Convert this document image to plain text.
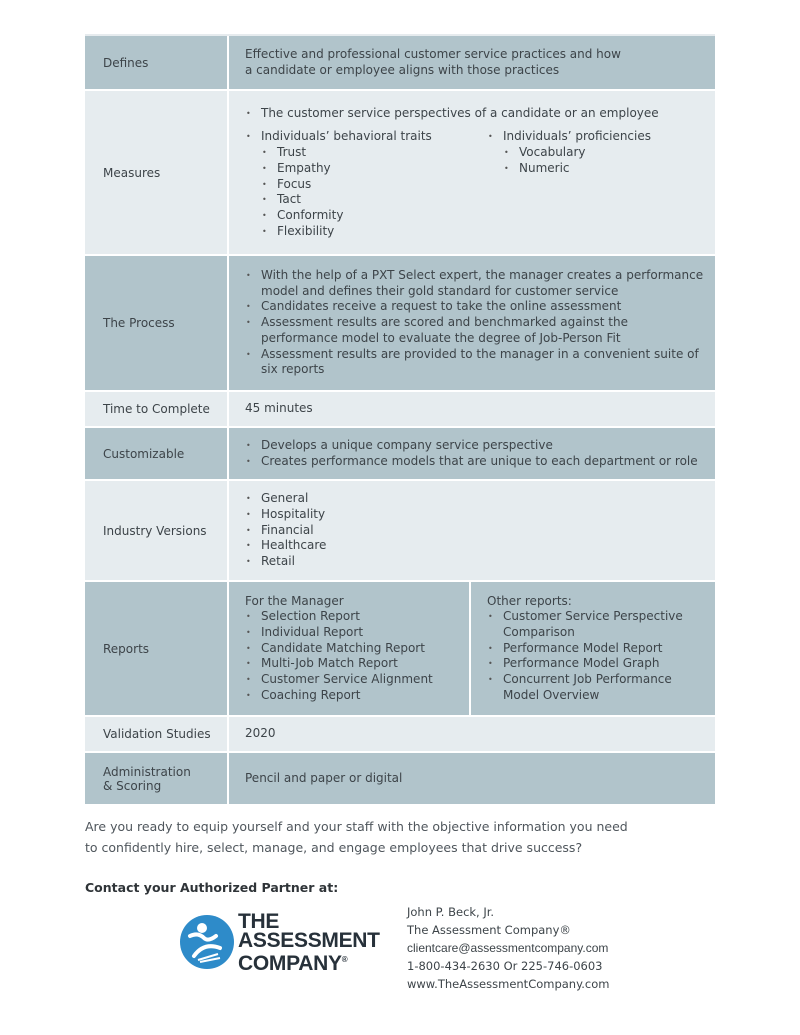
Defines
Effective and professional customer service practices and how
a candidate or employee aligns with those practices
Measures
• The customer service perspectives of a candidate or an employee
• Individuals’ behavioral traits
• Trust
• Empathy
• Focus
• Tact
• Conformity
• Flexibility
• Individuals’ proficiencies
• Vocabulary
• Numeric
The Process
• With the help of a PXT Select expert, the manager creates a performance model and defines their gold standard for customer service
• Candidates receive a request to take the online assessment
• Assessment results are scored and benchmarked against the performance model to evaluate the degree of Job-Person Fit
• Assessment results are provided to the manager in a convenient suite of six reports
Time to Complete	45 minutes
Customizable
• Develops a unique company service perspective
• Creates performance models that are unique to each department or role
Industry Versions
• General
• Hospitality
• Financial
• Healthcare
• Retail
Reports
For the Manager
• Selection Report
• Individual Report
• Candidate Matching Report
• Multi-Job Match Report
• Customer Service Alignment
• Coaching Report
Other reports:
• Customer Service Perspective Comparison
• Performance Model Report
• Performance Model Graph
• Concurrent Job Performance Model Overview
Validation Studies	2020
Administration
& Scoring
Pencil and paper or digital
Are you ready to equip yourself and your staff with the objective information you need
to confidently hire, select, manage, and engage employees that drive success?
Contact your Authorized Partner at:
THE
ASSESSMENT
COMPANY®
John P. Beck, Jr.
The Assessment Company®
clientcare@assessmentcompany.com
1-800-434-2630 Or 225-746-0603
www.TheAssessmentCompany.com
